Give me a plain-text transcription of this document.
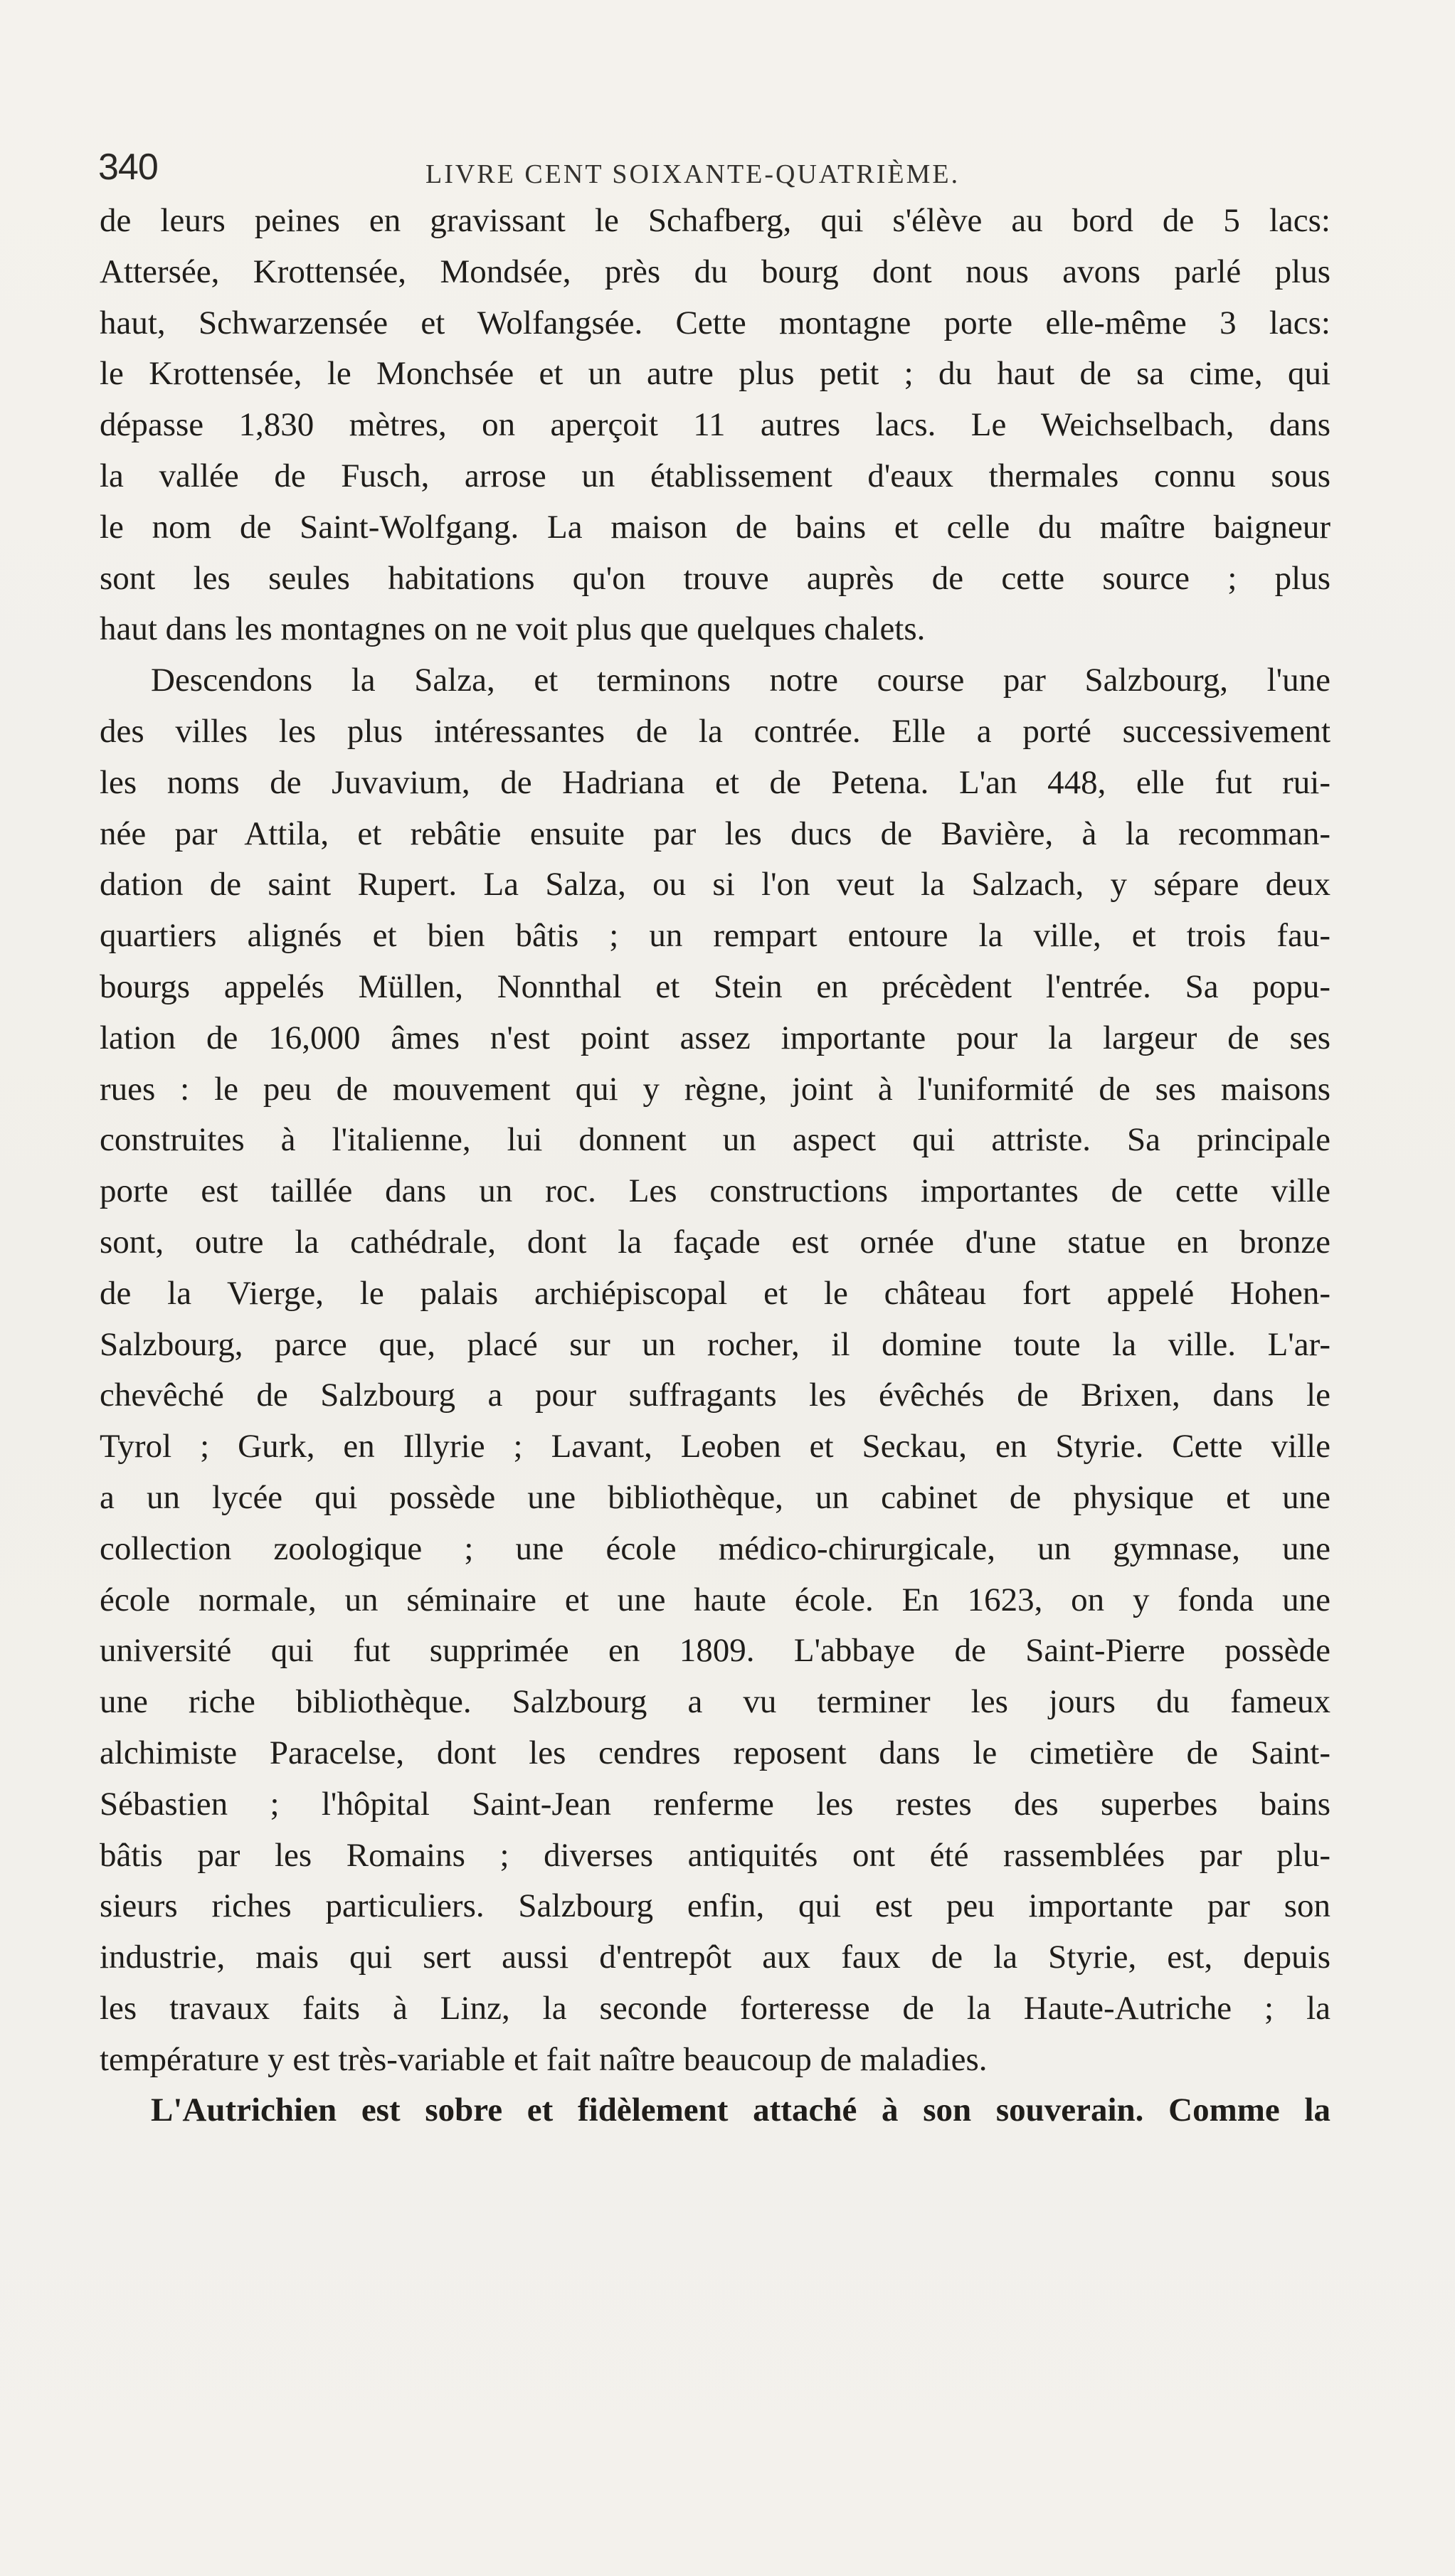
340	LIVRE CENT SOIXANTE-QUATRIÈME.
de leurs peines en gravissant le Schafberg, qui s'élève au bord de 5 lacs:
Attersée, Krottensée, Mondsée, près du bourg dont nous avons parlé plus
haut, Schwarzensée et Wolfangsée. Cette montagne porte elle-même 3 lacs:
le Krottensée, le Monchsée et un autre plus petit ; du haut de sa cime, qui
dépasse 1,830 mètres, on aperçoit 11 autres lacs. Le Weichselbach, dans
la vallée de Fusch, arrose un établissement d'eaux thermales connu sous
le nom de Saint-Wolfgang. La maison de bains et celle du maître baigneur
sont les seules habitations qu'on trouve auprès de cette source ; plus
haut dans les montagnes on ne voit plus que quelques chalets.
Descendons la Salza, et terminons notre course par Salzbourg, l'une
des villes les plus intéressantes de la contrée. Elle a porté successivement
les noms de Juvavium, de Hadriana et de Petena. L'an 448, elle fut rui-
née par Attila, et rebâtie ensuite par les ducs de Bavière, à la recomman-
dation de saint Rupert. La Salza, ou si l'on veut la Salzach, y sépare deux
quartiers alignés et bien bâtis ; un rempart entoure la ville, et trois fau-
bourgs appelés Müllen, Nonnthal et Stein en précèdent l'entrée. Sa popu-
lation de 16,000 âmes n'est point assez importante pour la largeur de ses
rues : le peu de mouvement qui y règne, joint à l'uniformité de ses maisons
construites à l'italienne, lui donnent un aspect qui attriste. Sa principale
porte est taillée dans un roc. Les constructions importantes de cette ville
sont, outre la cathédrale, dont la façade est ornée d'une statue en bronze
de la Vierge, le palais archiépiscopal et le château fort appelé Hohen-
Salzbourg, parce que, placé sur un rocher, il domine toute la ville. L'ar-
chevêché de Salzbourg a pour suffragants les évêchés de Brixen, dans le
Tyrol ; Gurk, en Illyrie ; Lavant, Leoben et Seckau, en Styrie. Cette ville
a un lycée qui possède une bibliothèque, un cabinet de physique et une
collection zoologique ; une école médico-chirurgicale, un gymnase, une
école normale, un séminaire et une haute école. En 1623, on y fonda une
université qui fut supprimée en 1809. L'abbaye de Saint-Pierre possède
une riche bibliothèque. Salzbourg a vu terminer les jours du fameux
alchimiste Paracelse, dont les cendres reposent dans le cimetière de Saint-
Sébastien ; l'hôpital Saint-Jean renferme les restes des superbes bains
bâtis par les Romains ; diverses antiquités ont été rassemblées par plu-
sieurs riches particuliers. Salzbourg enfin, qui est peu importante par son
industrie, mais qui sert aussi d'entrepôt aux faux de la Styrie, est, depuis
les travaux faits à Linz, la seconde forteresse de la Haute-Autriche ; la
température y est très-variable et fait naître beaucoup de maladies.
L'Autrichien est sobre et fidèlement attaché à son souverain. Comme la
